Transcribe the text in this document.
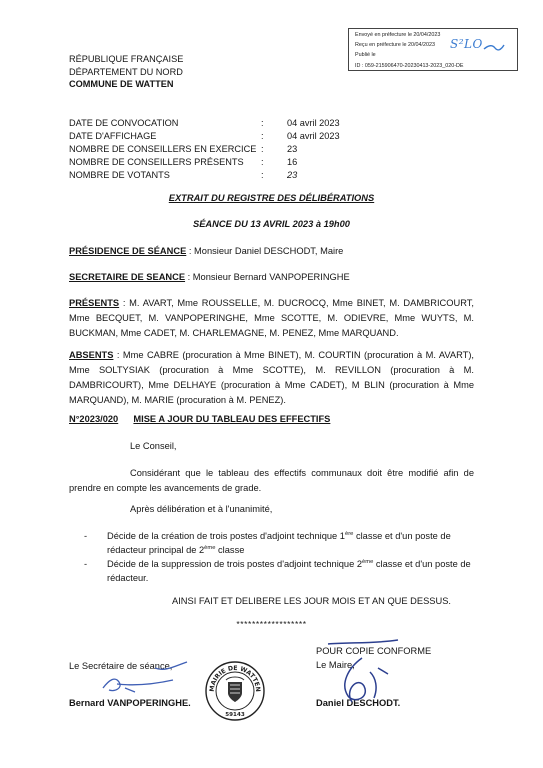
Envoyé en préfecture le 20/04/2023
Reçu en préfecture le 20/04/2023
Publié le
ID : 059-215906470-20230413-2023_020-DE
S²LO
RÉPUBLIQUE FRANÇAISE
DÉPARTEMENT DU NORD
COMMUNE DE WATTEN
DATE DE CONVOCATION	:	04 avril 2023
DATE D'AFFICHAGE	:	04 avril 2023
NOMBRE DE CONSEILLERS EN EXERCICE :	23
NOMBRE DE CONSEILLERS PRÉSENTS	:	16
NOMBRE DE VOTANTS	:	23
EXTRAIT DU REGISTRE DES DÉLIBÉRATIONS
SÉANCE DU 13 AVRIL 2023 à 19h00
PRÉSIDENCE DE SÉANCE : Monsieur Daniel DESCHODT, Maire
SECRETAIRE DE SEANCE : Monsieur Bernard VANPOPERINGHE
PRÉSENTS : M. AVART, Mme ROUSSELLE, M. DUCROCQ, Mme BINET, M. DAMBRICOURT, Mme BECQUET, M. VANPOPERINGHE, Mme SCOTTE, M. ODIEVRE, Mme WUYTS, M. BUCKMAN, Mme CADET, M. CHARLEMAGNE, M. PENEZ, Mme MARQUAND.
ABSENTS : Mme CABRE (procuration à Mme BINET), M. COURTIN (procuration à M. AVART), Mme SOLTYSIAK (procuration à Mme SCOTTE), M. REVILLON (procuration à M. DAMBRICOURT), Mme DELHAYE (procuration à Mme CADET), M BLIN (procuration à Mme MARQUAND), M. MARIE (procuration à M. PENEZ).
N°2023/020 MISE A JOUR DU TABLEAU DES EFFECTIFS
Le Conseil,
Considérant que le tableau des effectifs communaux doit être modifié afin de prendre en compte les avancements de grade.
Après délibération et à l'unanimité,
-	Décide de la création de trois postes d'adjoint technique 1ère classe et d'un poste de rédacteur principal de 2ème classe
-	Décide de la suppression de trois postes d'adjoint technique 2ème classe et d'un poste de rédacteur.
AINSI FAIT ET DELIBERE LES JOUR MOIS ET AN QUE DESSUS.
******************
POUR COPIE CONFORME
Le Maire,
Daniel DESCHODT.
Le Secrétaire de séance,
Bernard VANPOPERINGHE.
MAIRIE DE WATTEN
59143
